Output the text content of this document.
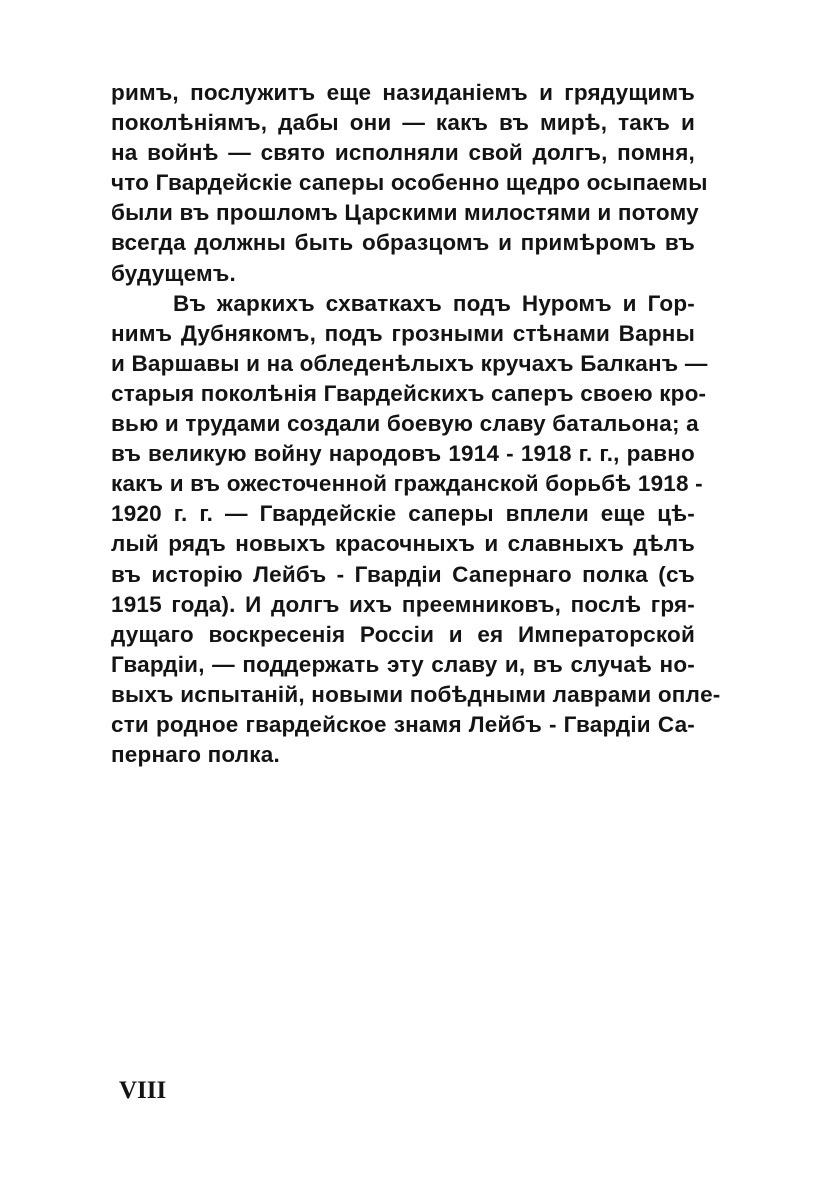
римъ, послужитъ еще назиданіемъ и грядущимъ
поколѣніямъ, дабы они — какъ въ мирѣ, такъ и
на войнѣ — свято исполняли свой долгъ, помня,
что Гвардейскіе саперы особенно щедро осыпаемы
были въ прошломъ Царскими милостями и потому
всегда должны быть образцомъ и примѣромъ въ
будущемъ.
Въ жаркихъ схваткахъ подъ Нуромъ и Гор-
нимъ Дубнякомъ, подъ грозными стѣнами Варны
и Варшавы и на обледенѣлыхъ кручахъ Балканъ —
старыя поколѣнія Гвардейскихъ саперъ своею кро-
вью и трудами создали боевую славу батальона; а
въ великую войну народовъ 1914 - 1918 г. г., равно
какъ и въ ожесточенной гражданской борьбѣ 1918 -
1920 г. г. — Гвардейскіе саперы вплели еще цѣ-
лый рядъ новыхъ красочныхъ и славныхъ дѣлъ
въ исторію Лейбъ - Гвардіи Сапернаго полка (съ
1915 года). И долгъ ихъ преемниковъ, послѣ гря-
дущаго воскресенія Россіи и ея Императорской
Гвардіи, — поддержать эту славу и, въ случаѣ но-
выхъ испытаній, новыми побѣдными лаврами оплe-
сти родное гвардейское знамя Лейбъ - Гвардіи Са-
пернаго полка.
VIII
